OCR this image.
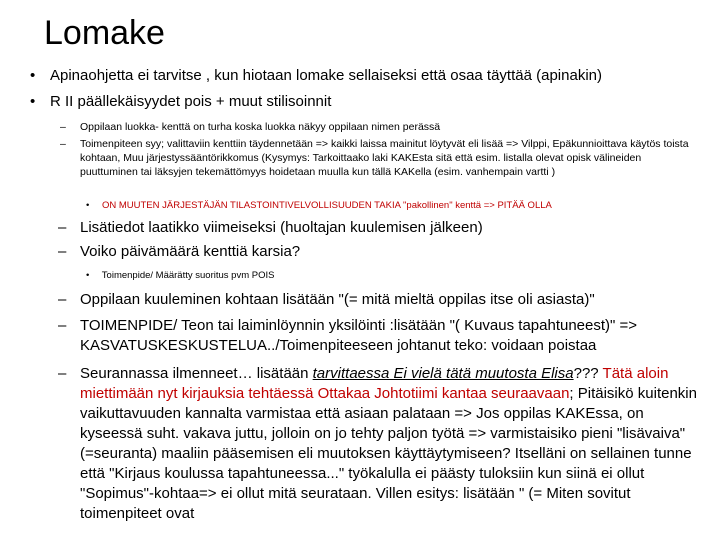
Lomake
• Apinaohjetta ei tarvitse , kun hiotaan lomake sellaiseksi että osaa täyttää (apinakin)
• R II päällekäisyydet pois + muut stilisoinnit
– Oppilaan luokka- kenttä on turha koska luokka näkyy oppilaan nimen perässä
– Toimenpiteen syy; valittaviin kenttiin täydennetään => kaikki laissa mainitut löytyvät eli lisää => Vilppi, Epäkunnioittava käytös toista kohtaan, Muu järjestyssääntörikkomus (Kysymys: Tarkoittaako laki KAKEsta sitä että esim. listalla olevat opisk välineiden puuttuminen tai läksyjen tekemättömyys hoidetaan muulla kun tällä KAKella (esim. vanhempain vartti )
• ON MUUTEN JÄRJESTÄJÄN TILASTOINTIVELVOLLISUUDEN TAKIA "pakollinen" kenttä => PITÄÄ OLLA
– Lisätiedot laatikko viimeiseksi (huoltajan kuulemisen jälkeen)
– Voiko päivämäärä kenttiä karsia?
• Toimenpide/ Määrätty suoritus pvm POIS
– Oppilaan kuuleminen kohtaan lisätään "(= mitä mieltä oppilas itse oli asiasta)"
– TOIMENPIDE/ Teon tai laiminlöynnin yksilöinti :lisätään "( Kuvaus tapahtuneest)" => KASVATUSKESKUSTELUA../Toimenpiteeseen johtanut teko: voidaan poistaa
– Seurannassa ilmenneet… lisätään tarvittaessa Ei vielä tätä muutosta Elisa??? Tätä aloin miettimään nyt kirjauksia tehtäessä Ottakaa Johtotiimi kantaa seuraavaan; Pitäisikö kuitenkin vaikuttavuuden kannalta varmistaa että asiaan palataan => Jos oppilas KAKEssa, on kyseessä suht. vakava juttu, jolloin on jo tehty paljon työtä => varmistaisiko pieni "lisävaiva" (=seuranta) maaliin pääsemisen eli muutoksen käyttäytymiseen? Itselläni on sellainen tunne että "Kirjaus koulussa tapahtuneessa..." työkalulla ei päästy tuloksiin kun siinä ei ollut "Sopimus"-kohtaa=> ei ollut mitä seurataan. Villen esitys: lisätään " (= Miten sovitut toimenpiteet ovat
